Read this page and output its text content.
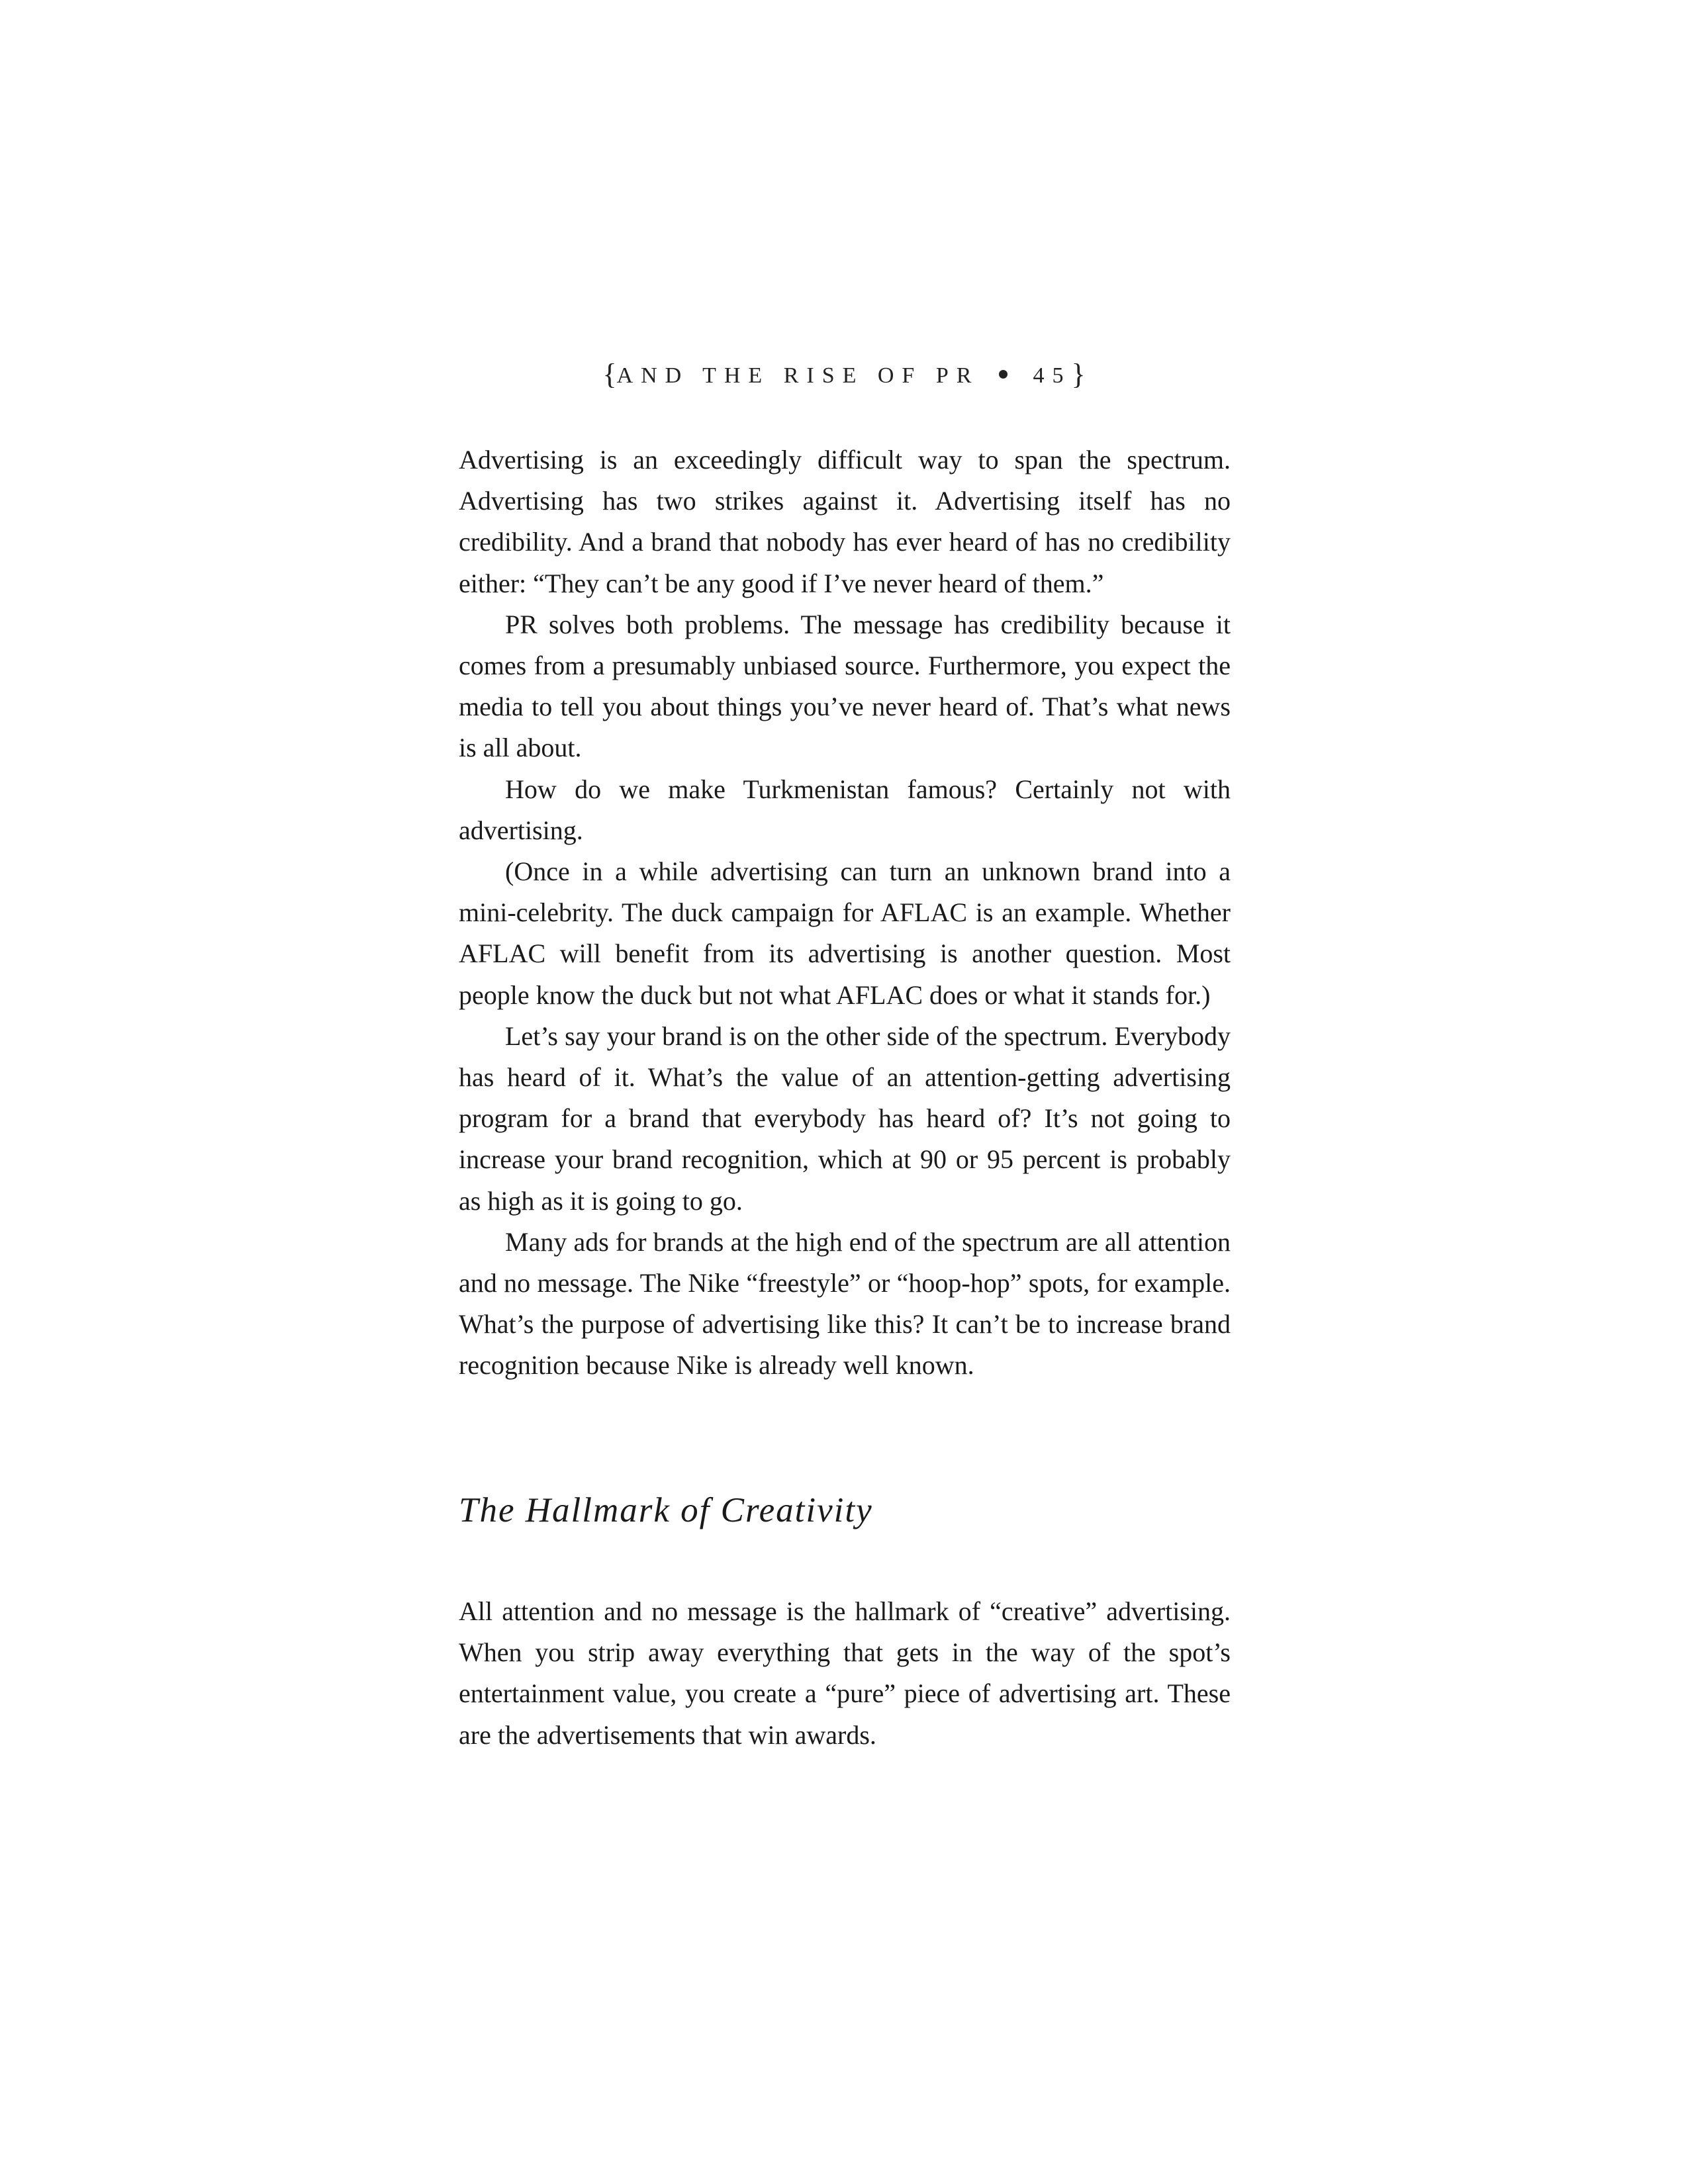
{AND THE RISE OF PR 45}

Advertising is an exceedingly difficult way to span the spectrum. Advertising has two strikes against it. Advertising itself has no credibility. And a brand that nobody has ever heard of has no credibility either: “They can’t be any good if I’ve never heard of them.”

PR solves both problems. The message has credibility because it comes from a presumably unbiased source. Furthermore, you expect the media to tell you about things you’ve never heard of. That’s what news is all about.

How do we make Turkmenistan famous? Certainly not with advertising.

(Once in a while advertising can turn an unknown brand into a mini-celebrity. The duck campaign for AFLAC is an example. Whether AFLAC will benefit from its advertising is another question. Most people know the duck but not what AFLAC does or what it stands for.)

Let’s say your brand is on the other side of the spectrum. Everybody has heard of it. What’s the value of an attention-getting advertising program for a brand that everybody has heard of? It’s not going to increase your brand recognition, which at 90 or 95 percent is probably as high as it is going to go.

Many ads for brands at the high end of the spectrum are all attention and no message. The Nike “freestyle” or “hoop-hop” spots, for example. What’s the purpose of advertising like this? It can’t be to increase brand recognition because Nike is already well known.

The Hallmark of Creativity

All attention and no message is the hallmark of “creative” advertising. When you strip away everything that gets in the way of the spot’s entertainment value, you create a “pure” piece of advertising art. These are the advertisements that win awards.
